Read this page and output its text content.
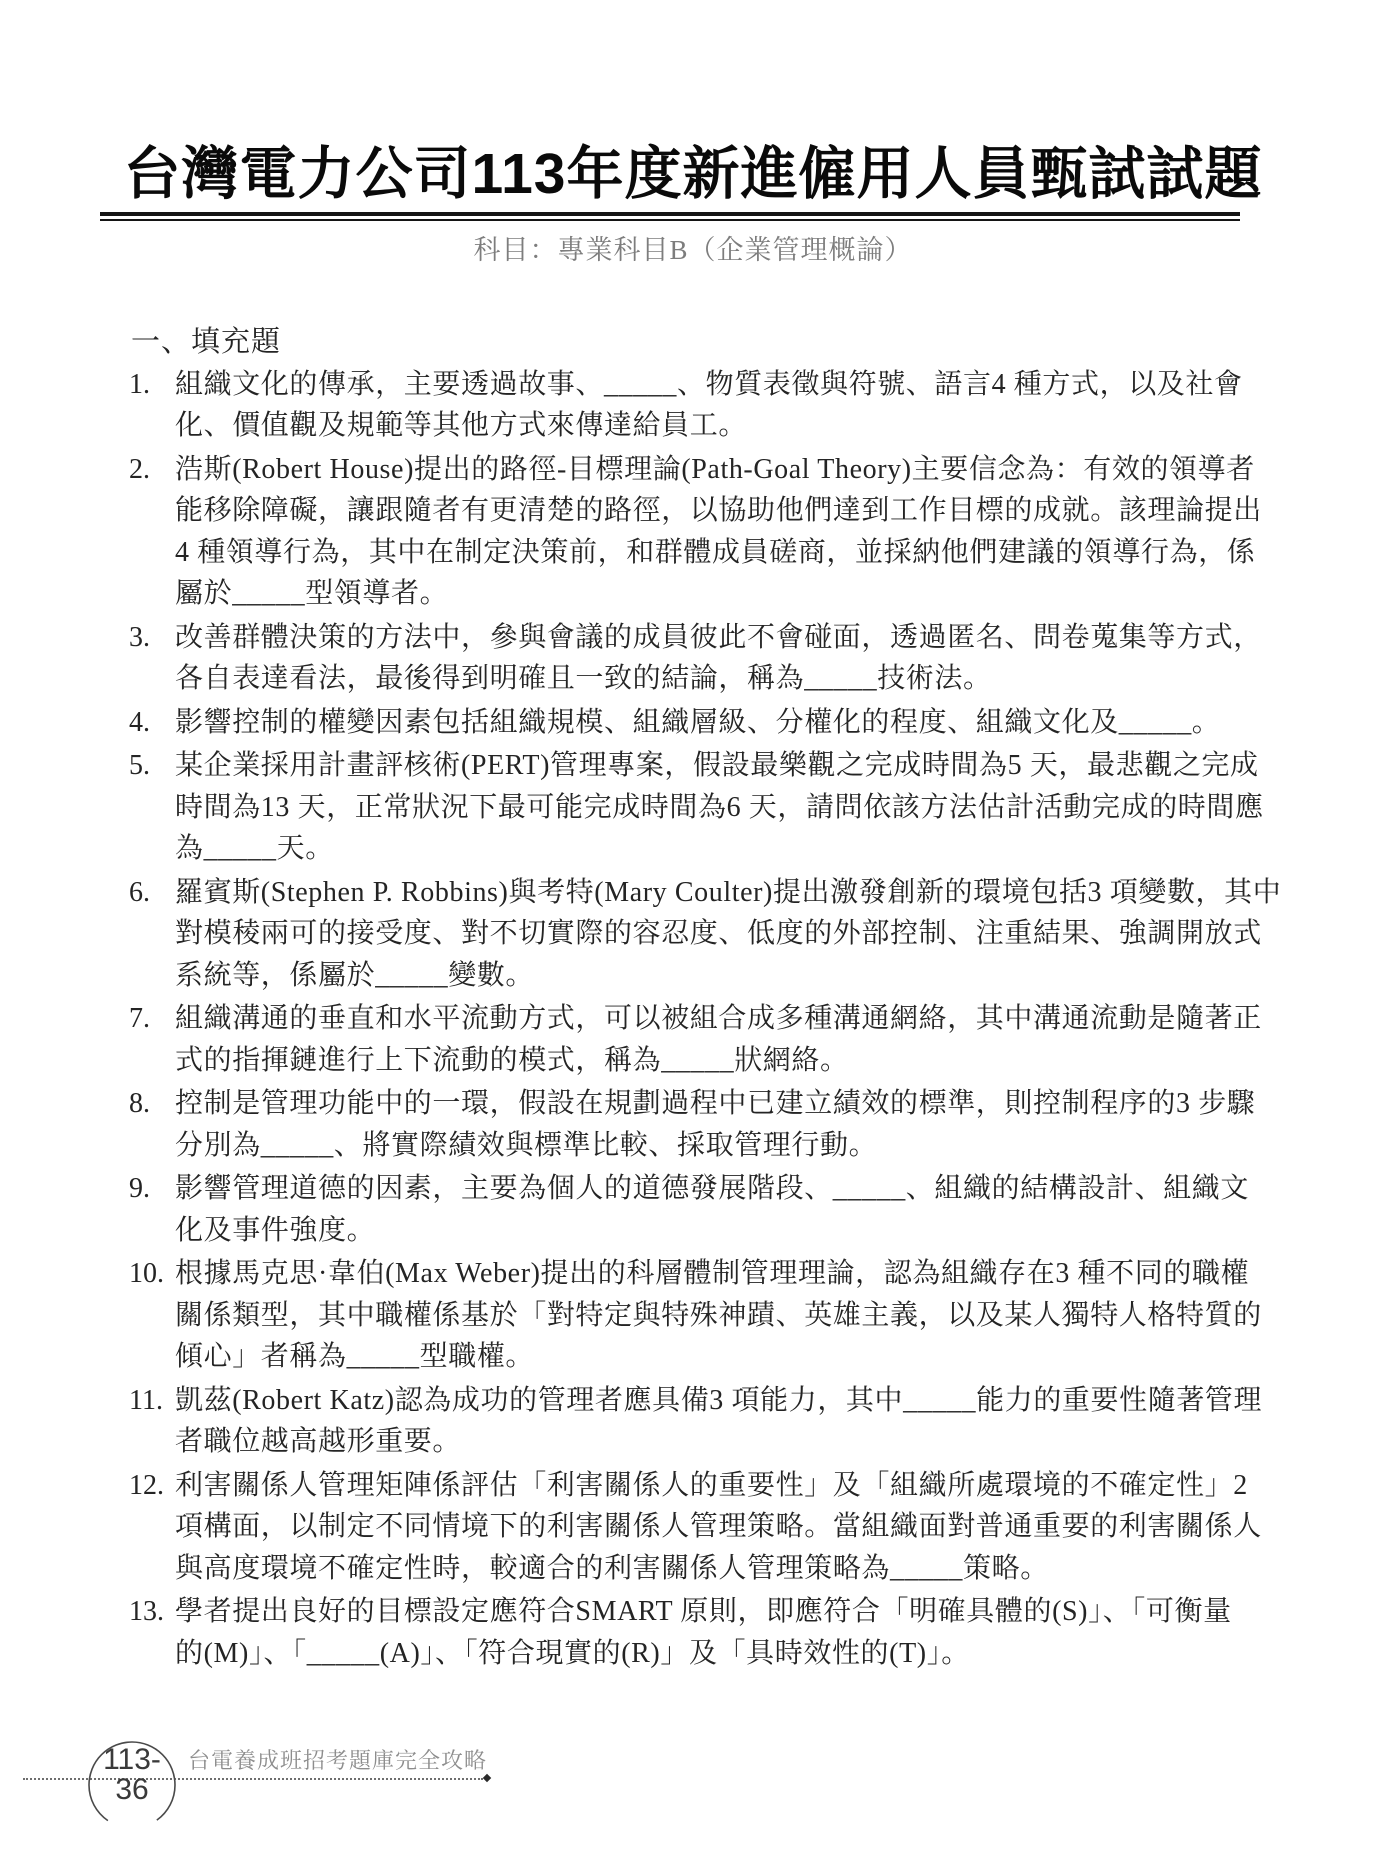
台灣電力公司113年度新進僱用人員甄試試題
科目：專業科目B（企業管理概論）
一、填充題
1. 組織文化的傳承，主要透過故事、_____、物質表徵與符號、語言4 種方式，以及社會
化、價值觀及規範等其他方式來傳達給員工。
2. 浩斯(Robert House)提出的路徑-目標理論(Path-Goal Theory)主要信念為：有效的領導者
能移除障礙，讓跟隨者有更清楚的路徑，以協助他們達到工作目標的成就。該理論提出
4 種領導行為，其中在制定決策前，和群體成員磋商，並採納他們建議的領導行為，係
屬於_____型領導者。
3. 改善群體決策的方法中，參與會議的成員彼此不會碰面，透過匿名、問卷蒐集等方式，
各自表達看法，最後得到明確且一致的結論，稱為_____技術法。
4. 影響控制的權變因素包括組織規模、組織層級、分權化的程度、組織文化及_____。
5. 某企業採用計畫評核術(PERT)管理專案，假設最樂觀之完成時間為5 天，最悲觀之完成
時間為13 天，正常狀況下最可能完成時間為6 天，請問依該方法估計活動完成的時間應
為_____天。
6. 羅賓斯(Stephen P. Robbins)與考特(Mary Coulter)提出激發創新的環境包括3 項變數，其中
對模稜兩可的接受度、對不切實際的容忍度、低度的外部控制、注重結果、強調開放式
系統等，係屬於_____變數。
7. 組織溝通的垂直和水平流動方式，可以被組合成多種溝通網絡，其中溝通流動是隨著正
式的指揮鏈進行上下流動的模式，稱為_____狀網絡。
8. 控制是管理功能中的一環，假設在規劃過程中已建立績效的標準，則控制程序的3 步驟
分別為_____、將實際績效與標準比較、採取管理行動。
9. 影響管理道德的因素，主要為個人的道德發展階段、_____、組織的結構設計、組織文
化及事件強度。
10. 根據馬克思·韋伯(Max Weber)提出的科層體制管理理論，認為組織存在3 種不同的職權
關係類型，其中職權係基於「對特定與特殊神蹟、英雄主義，以及某人獨特人格特質的
傾心」者稱為_____型職權。
11. 凱茲(Robert Katz)認為成功的管理者應具備3 項能力，其中_____能力的重要性隨著管理
者職位越高越形重要。
12. 利害關係人管理矩陣係評估「利害關係人的重要性」及「組織所處環境的不確定性」2
項構面，以制定不同情境下的利害關係人管理策略。當組織面對普通重要的利害關係人
與高度環境不確定性時，較適合的利害關係人管理策略為_____策略。
13. 學者提出良好的目標設定應符合SMART 原則，即應符合「明確具體的(S)」、「可衡量
的(M)」、「_____(A)」、「符合現實的(R)」及「具時效性的(T)」。
113-36
台電養成班招考題庫完全攻略
